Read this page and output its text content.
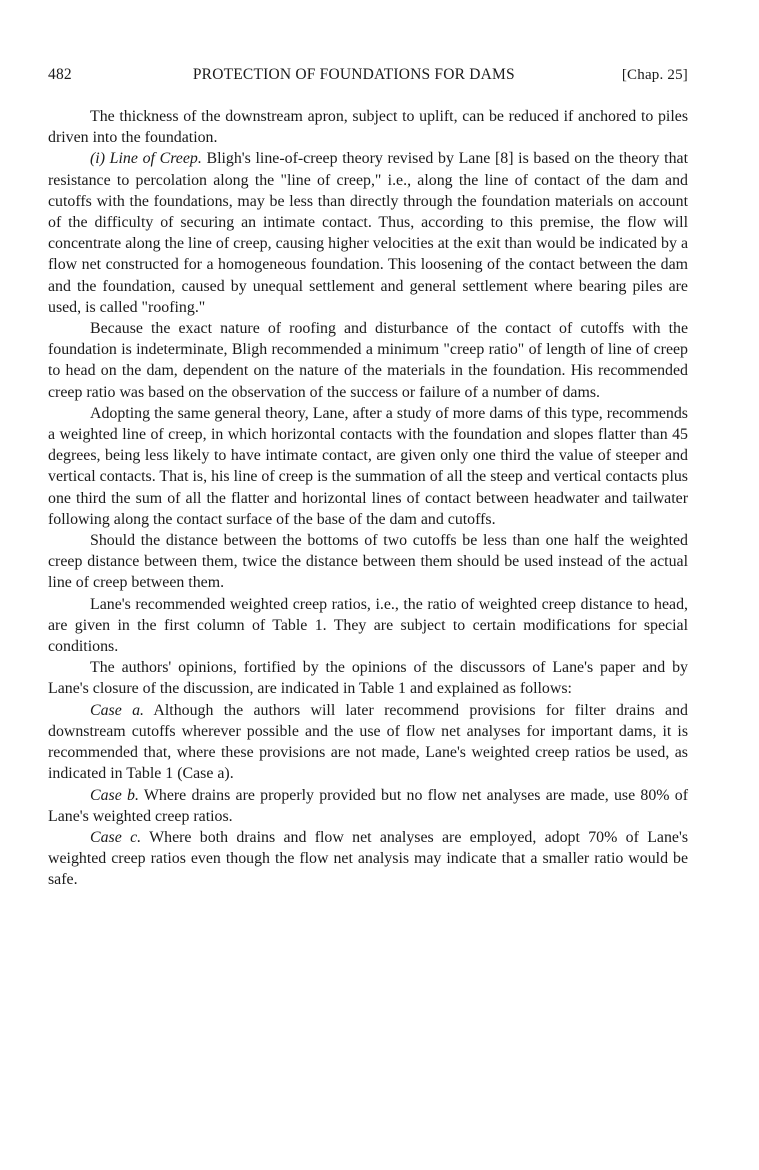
482	PROTECTION OF FOUNDATIONS FOR DAMS	[Chap. 25]

The thickness of the downstream apron, subject to uplift, can be reduced if anchored to piles driven into the foundation.

(i) Line of Creep. Bligh's line-of-creep theory revised by Lane [8] is based on the theory that resistance to percolation along the "line of creep," i.e., along the line of contact of the dam and cutoffs with the foundations, may be less than directly through the foundation materials on account of the difficulty of securing an intimate contact. Thus, according to this premise, the flow will concentrate along the line of creep, causing higher velocities at the exit than would be indicated by a flow net constructed for a homogeneous foundation. This loosening of the contact between the dam and the foundation, caused by unequal settlement and general settlement where bearing piles are used, is called "roofing."

Because the exact nature of roofing and disturbance of the contact of cutoffs with the foundation is indeterminate, Bligh recommended a minimum "creep ratio" of length of line of creep to head on the dam, dependent on the nature of the materials in the foundation. His recommended creep ratio was based on the observation of the success or failure of a number of dams.

Adopting the same general theory, Lane, after a study of more dams of this type, recommends a weighted line of creep, in which horizontal contacts with the foundation and slopes flatter than 45 degrees, being less likely to have intimate contact, are given only one third the value of steeper and vertical contacts. That is, his line of creep is the summation of all the steep and vertical contacts plus one third the sum of all the flatter and horizontal lines of contact between headwater and tailwater following along the contact surface of the base of the dam and cutoffs.

Should the distance between the bottoms of two cutoffs be less than one half the weighted creep distance between them, twice the distance between them should be used instead of the actual line of creep between them.

Lane's recommended weighted creep ratios, i.e., the ratio of weighted creep distance to head, are given in the first column of Table 1. They are subject to certain modifications for special conditions.

The authors' opinions, fortified by the opinions of the discussors of Lane's paper and by Lane's closure of the discussion, are indicated in Table 1 and explained as follows:

Case a. Although the authors will later recommend provisions for filter drains and downstream cutoffs wherever possible and the use of flow net analyses for important dams, it is recommended that, where these provisions are not made, Lane's weighted creep ratios be used, as indicated in Table 1 (Case a).

Case b. Where drains are properly provided but no flow net analyses are made, use 80% of Lane's weighted creep ratios.

Case c. Where both drains and flow net analyses are employed, adopt 70% of Lane's weighted creep ratios even though the flow net analysis may indicate that a smaller ratio would be safe.
